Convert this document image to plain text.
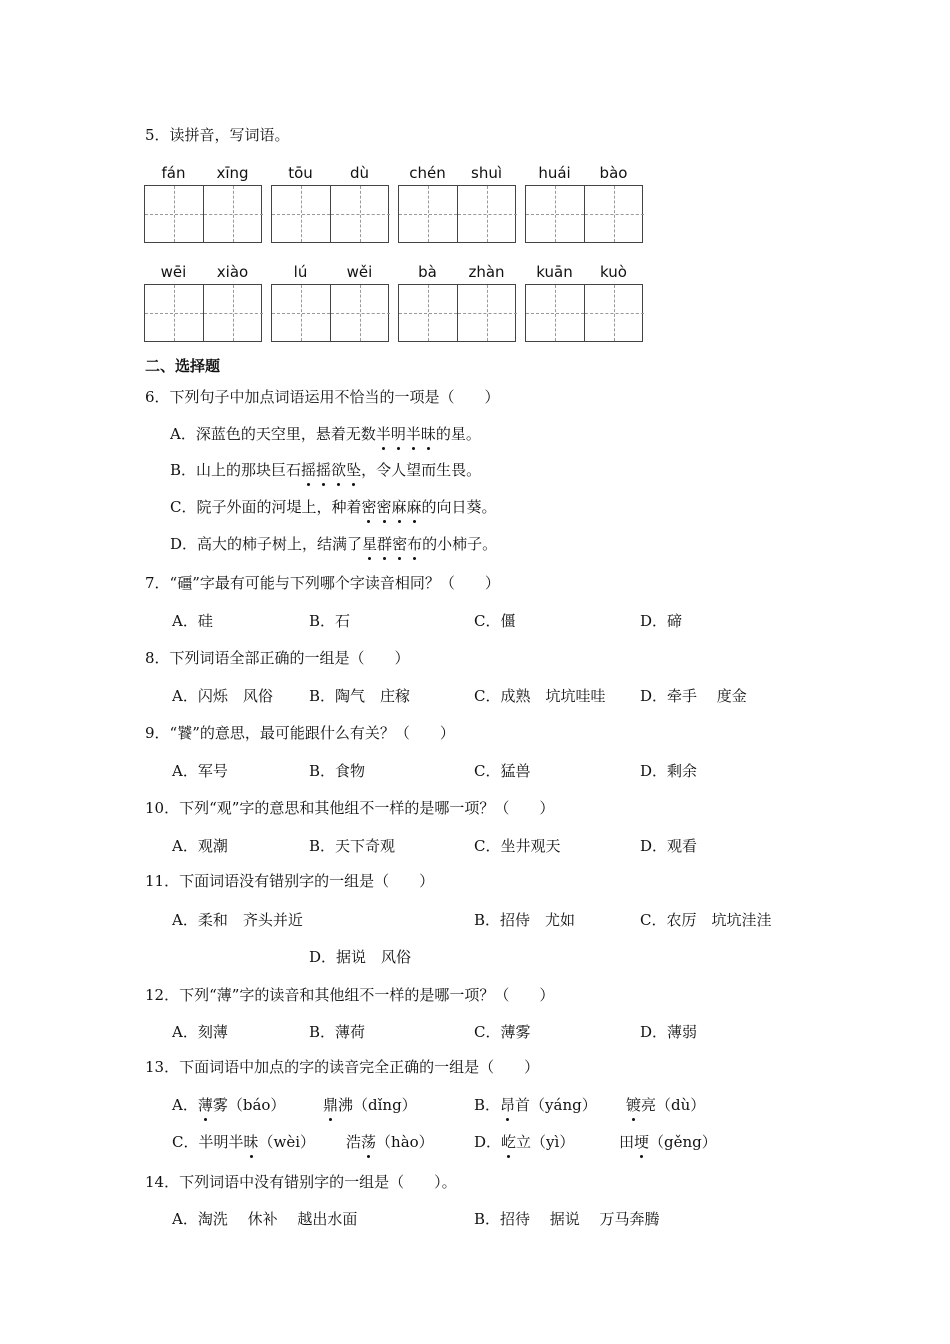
5．读拼音，写词语。
fán	xīng	tōu	dù	chén	shuì	huái	bào
wēi	xiào	lú	wěi	bà	zhàn	kuān	kuò
二、选择题
6．下列句子中加点词语运用不恰当的一项是（　　）
A．深蓝色的天空里，悬着无数半明半昧的星。
B．山上的那块巨石摇摇欲坠，令人望而生畏。
C．院子外面的河堤上，种着密密麻麻的向日葵。
D．高大的柿子树上，结满了星群密布的小柿子。
7．“礓”字最有可能与下列哪个字读音相同？（　　）
A．硅	B．石	C．僵	D．碲
8．下列词语全部正确的一组是（　　）
A．闪烁　风俗 B．陶气　庄稼	C．成熟　坑坑哇哇 D．牵手　 度金
9．“饕”的意思，最可能跟什么有关？（　　）
A．军号	B．食物	C．猛兽	D．剩余
10．下列“观”字的意思和其他组不一样的是哪一项？（　　）
A．观潮	B．天下奇观	C．坐井观天	D．观看
11．下面词语没有错别字的一组是（　　）
A．柔和　齐头并近	B．招侍　尤如	C．农厉　坑坑洼洼
D．据说　风俗
12．下列“薄”字的读音和其他组不一样的是哪一项？（　　）
A．刻薄	B．薄荷	C．薄雾	D．薄弱
13．下面词语中加点的字的读音完全正确的一组是（　　）
A．薄雾（báo）	鼎沸（dǐng）	B．昂首（yáng） 镀亮（dù）
C．半明半昧（wèi） 浩荡（hào）	D．屹立（yì）	田埂（gěng）
14．下列词语中没有错别字的一组是（　　）。
A．淘洗　 休补　 越出水面	B．招待　 据说　 万马奔腾
